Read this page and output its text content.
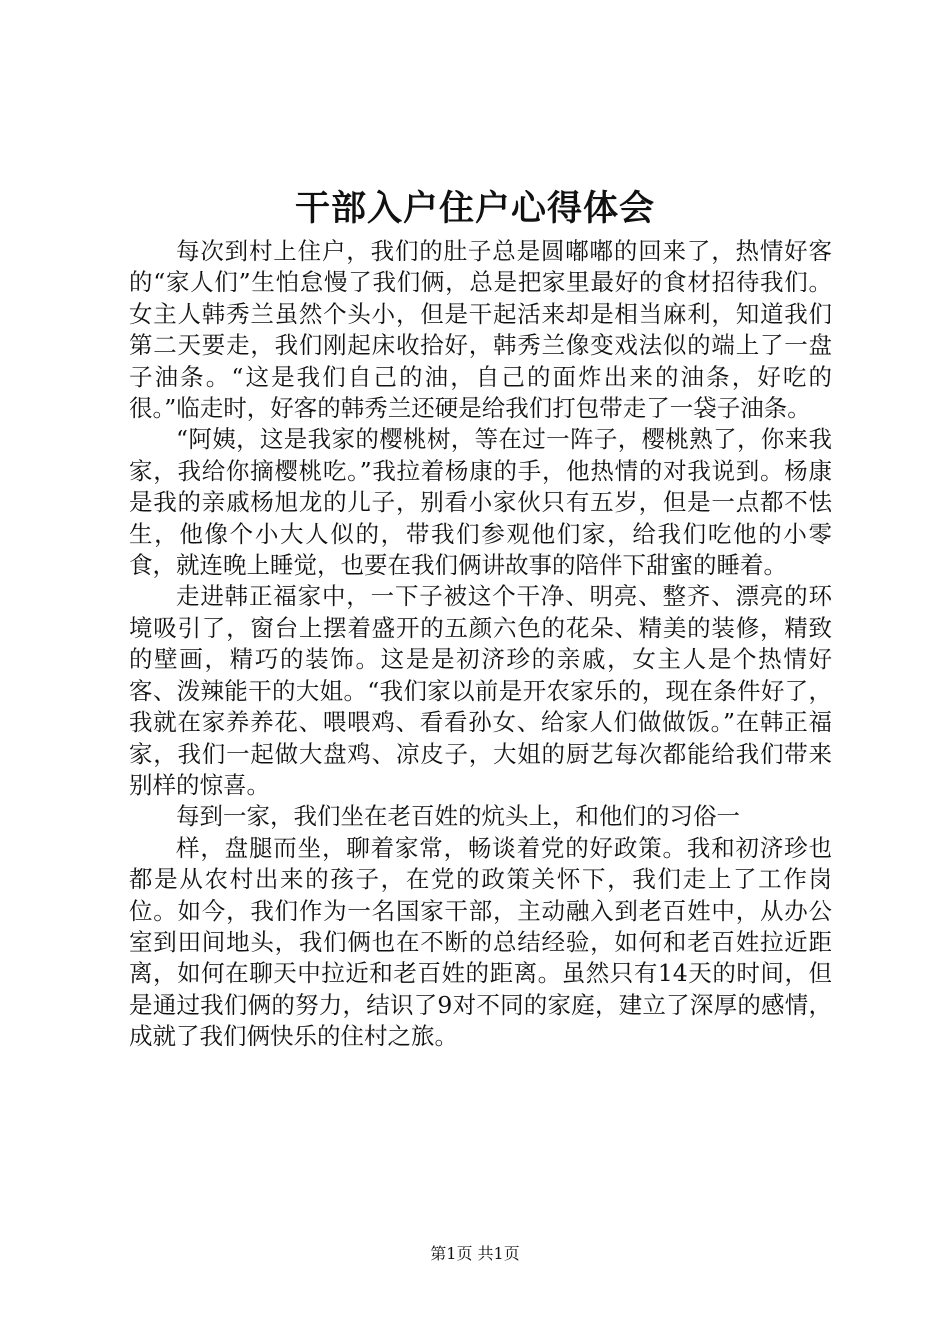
干部入户住户心得体会

每次到村上住户，我们的肚子总是圆嘟嘟的回来了，热情好客的“家人们”生怕怠慢了我们俩，总是把家里最好的食材招待我们。女主人韩秀兰虽然个头小，但是干起活来却是相当麻利，知道我们第二天要走，我们刚起床收拾好，韩秀兰像变戏法似的端上了一盘子油条。“这是我们自己的油，自己的面炸出来的油条，好吃的很。”临走时，好客的韩秀兰还硬是给我们打包带走了一袋子油条。

“阿姨，这是我家的樱桃树，等在过一阵子，樱桃熟了，你来我家，我给你摘樱桃吃。”我拉着杨康的手，他热情的对我说到。杨康是我的亲戚杨旭龙的儿子，别看小家伙只有五岁，但是一点都不怯生，他像个小大人似的，带我们参观他们家，给我们吃他的小零食，就连晚上睡觉，也要在我们俩讲故事的陪伴下甜蜜的睡着。

走进韩正福家中，一下子被这个干净、明亮、整齐、漂亮的环境吸引了，窗台上摆着盛开的五颜六色的花朵、精美的装修，精致的壁画，精巧的装饰。这是是初济珍的亲戚，女主人是个热情好客、泼辣能干的大姐。“我们家以前是开农家乐的，现在条件好了，我就在家养养花、喂喂鸡、看看孙女、给家人们做做饭。”在韩正福家，我们一起做大盘鸡、凉皮子，大姐的厨艺每次都能给我们带来别样的惊喜。

每到一家，我们坐在老百姓的炕头上，和他们的习俗一

样，盘腿而坐，聊着家常，畅谈着党的好政策。我和初济珍也都是从农村出来的孩子，在党的政策关怀下，我们走上了工作岗位。如今，我们作为一名国家干部，主动融入到老百姓中，从办公室到田间地头，我们俩也在不断的总结经验，如何和老百姓拉近距离，如何在聊天中拉近和老百姓的距离。虽然只有14天的时间，但是通过我们俩的努力，结识了9对不同的家庭，建立了深厚的感情，成就了我们俩快乐的住村之旅。

第1页 共1页
